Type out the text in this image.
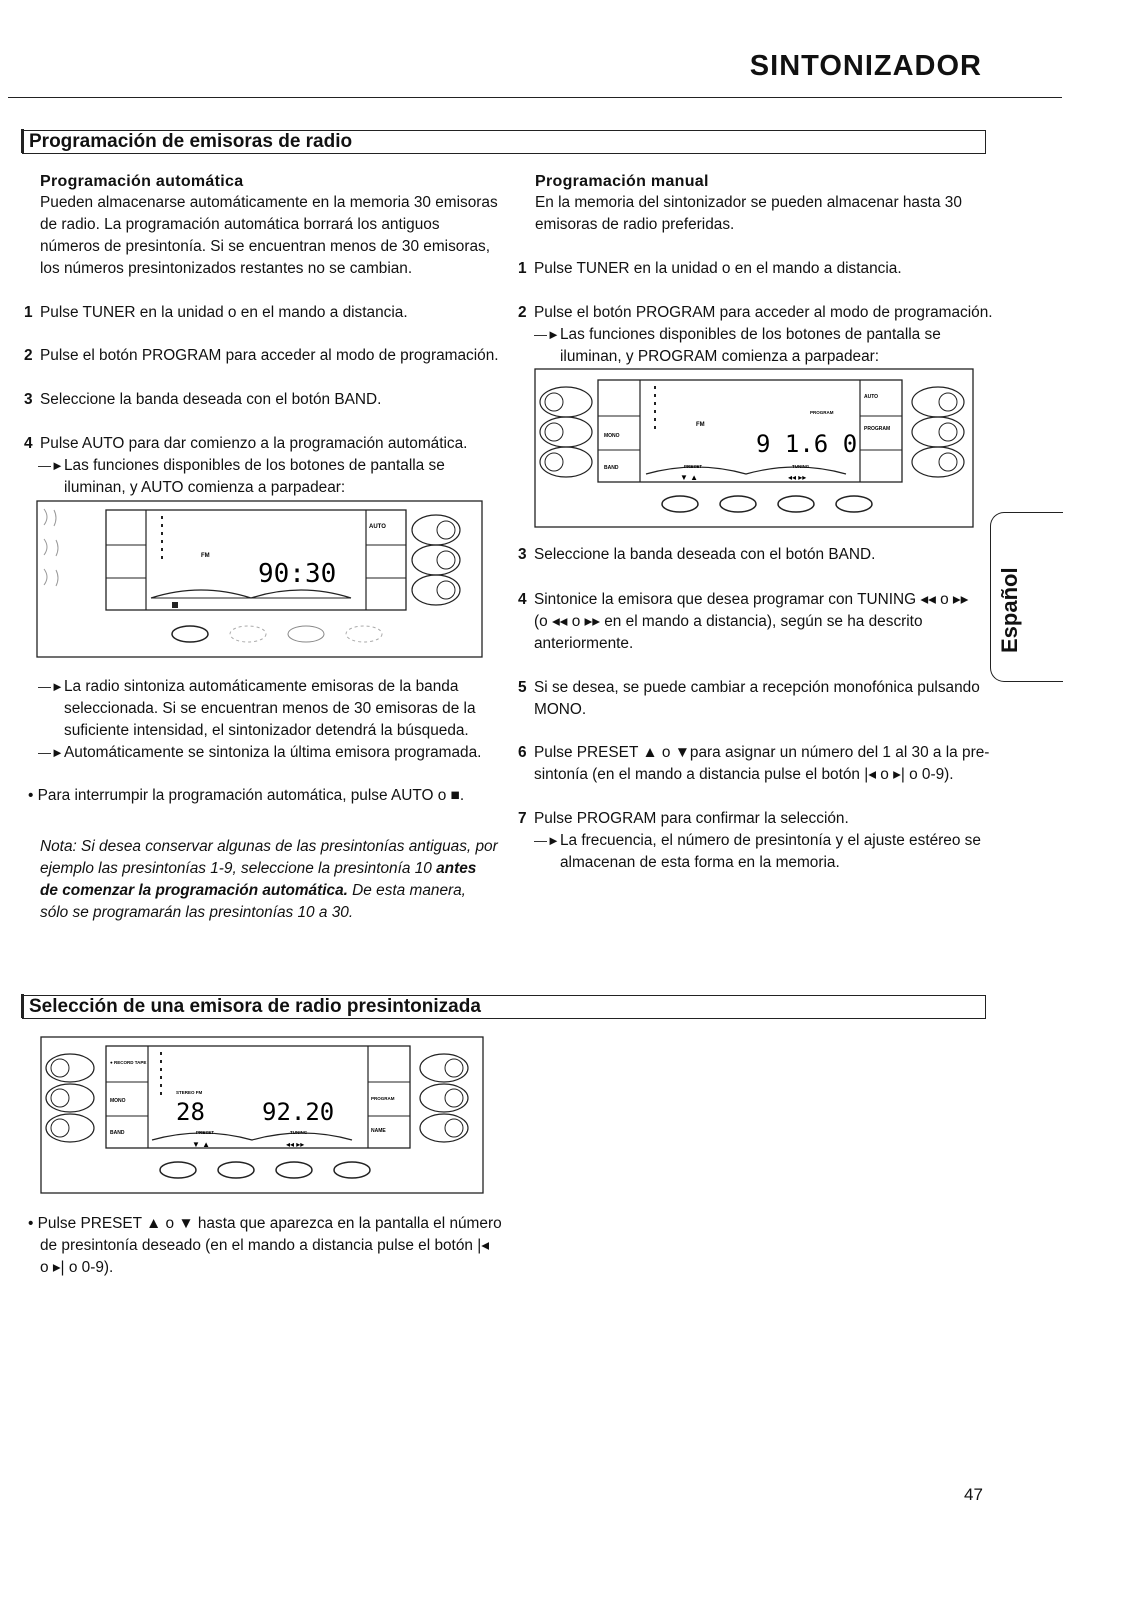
SINTONIZADOR
Programación de emisoras de radio
Programación automática
Pueden almacenarse automáticamente en la memoria 30 emisoras
de radio. La programación automática borrará los antiguos
números de presintonía. Si se encuentran menos de 30 emisoras,
los números presintonizados restantes no se cambian.
1 Pulse TUNER en la unidad o en el mando a distancia.
2 Pulse el botón PROGRAM para acceder al modo de programación.
3 Seleccione la banda deseada con el botón BAND.
4 Pulse AUTO para dar comienzo a la programación automática.
—►Las funciones disponibles de los botones de pantalla se
iluminan, y AUTO comienza a parpadear:
FM
AUTO
90:30
—►La radio sintoniza automáticamente emisoras de la banda
seleccionada. Si se encuentran menos de 30 emisoras de la
suficiente intensidad, el sintonizador detendrá la búsqueda.
—►Automáticamente se sintoniza la última emisora programada.
• Para interrumpir la programación automática, pulse AUTO o ■.
Nota: Si desea conservar algunas de las presintonías antiguas, por
ejemplo las presintonías 1-9, seleccione la presintonía 10 antes
de comenzar la programación automática. De esta manera,
sólo se programarán las presintonías 10 a 30.
Programación manual
En la memoria del sintonizador se pueden almacenar hasta 30
emisoras de radio preferidas.
1 Pulse TUNER en la unidad o en el mando a distancia.
2 Pulse el botón PROGRAM para acceder al modo de programación.
—►Las funciones disponibles de los botones de pantalla se
iluminan, y PROGRAM comienza a parpadear:
MONO
BAND
AUTO
PROGRAM
PROGRAM
FM
9 1.6 0
PRESET	TUNING
▼ ▲	◂◂ ▸▸
3 Seleccione la banda deseada con el botón BAND.
4 Sintonice la emisora que desea programar con TUNING ◂◂ o ▸▸
(o ◂◂ o ▸▸ en el mando a distancia), según se ha descrito
anteriormente.
5 Si se desea, se puede cambiar a recepción monofónica pulsando
MONO.
6 Pulse PRESET ▲ o ▼para asignar un número del 1 al 30 a la pre-
sintonía (en el mando a distancia pulse el botón |◂ o ▸| o 0-9).
7 Pulse PROGRAM para confirmar la selección.
—►La frecuencia, el número de presintonía y el ajuste estéreo se
almacenan de esta forma en la memoria.
Español
Selección de una emisora de radio presintonizada
● RECORD TAPE
MONO
BAND
PROGRAM
NAME
STEREO FM
28 92.20
PRESET	TUNING
▼ ▲	◂◂ ▸▸
• Pulse PRESET ▲ o ▼ hasta que aparezca en la pantalla el número
de presintonía deseado (en el mando a distancia pulse el botón |◂
o ▸| o 0-9).
47
